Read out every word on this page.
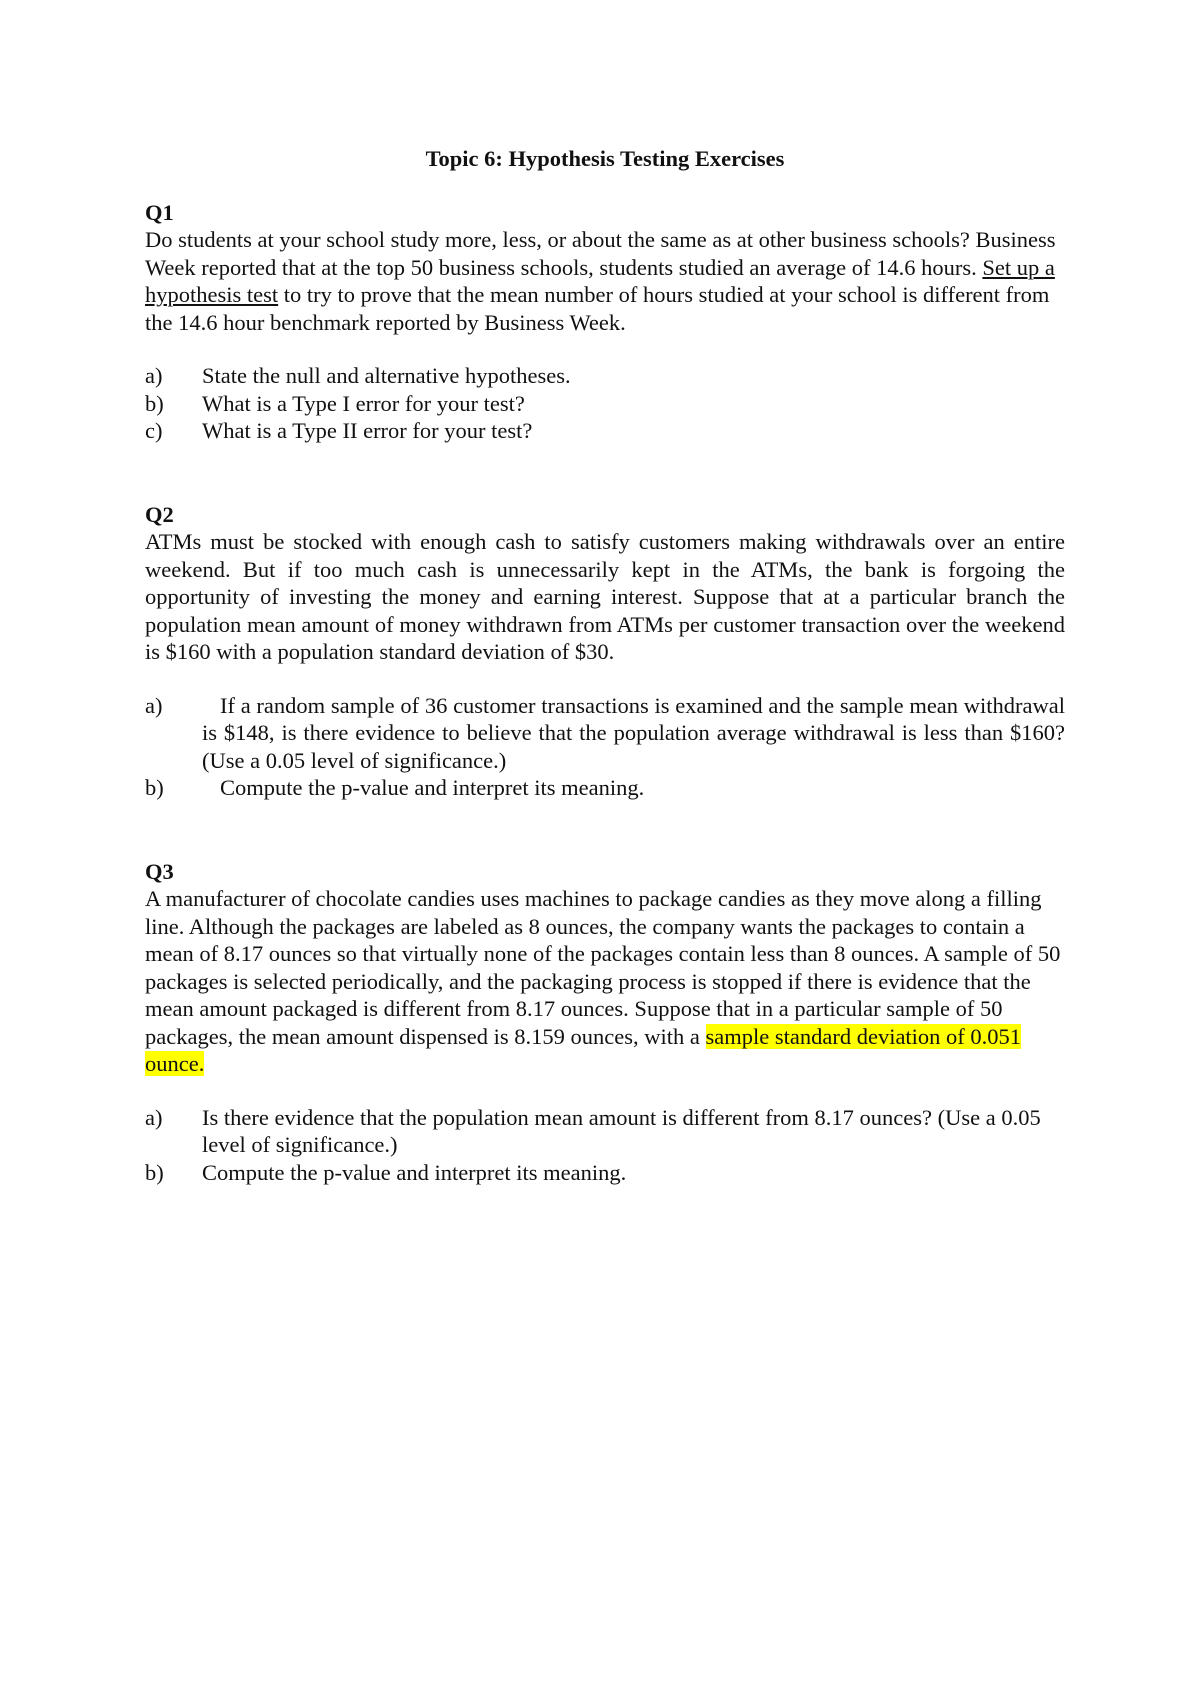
Topic 6: Hypothesis Testing Exercises

Q1

Do students at your school study more, less, or about the same as at other business schools? Business Week reported that at the top 50 business schools, students studied an average of 14.6 hours. Set up a hypothesis test to try to prove that the mean number of hours studied at your school is different from the 14.6 hour benchmark reported by Business Week.

a) State the null and alternative hypotheses.
b) What is a Type I error for your test?
c) What is a Type II error for your test?

Q2

ATMs must be stocked with enough cash to satisfy customers making withdrawals over an entire weekend. But if too much cash is unnecessarily kept in the ATMs, the bank is forgoing the opportunity of investing the money and earning interest. Suppose that at a particular branch the population mean amount of money withdrawn from ATMs per customer transaction over the weekend is $160 with a population standard deviation of $30.

a)	If a random sample of 36 customer transactions is examined and the sample mean withdrawal is $148, is there evidence to believe that the population average withdrawal is less than $160? (Use a 0.05 level of significance.)
b)	Compute the p-value and interpret its meaning.

Q3

A manufacturer of chocolate candies uses machines to package candies as they move along a filling line. Although the packages are labeled as 8 ounces, the company wants the packages to contain a mean of 8.17 ounces so that virtually none of the packages contain less than 8 ounces. A sample of 50 packages is selected periodically, and the packaging process is stopped if there is evidence that the mean amount packaged is different from 8.17 ounces. Suppose that in a particular sample of 50 packages, the mean amount dispensed is 8.159 ounces, with a sample standard deviation of 0.051 ounce.

a) Is there evidence that the population mean amount is different from 8.17 ounces? (Use a 0.05 level of significance.)
b) Compute the p-value and interpret its meaning.
